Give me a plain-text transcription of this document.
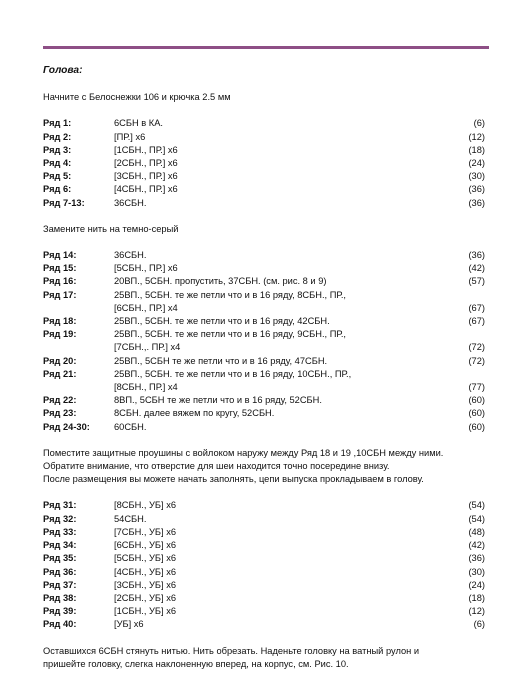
Голова:
Начните с Белоснежки 106 и крючка 2.5 мм
Ряд 1:	6СБН в КА.	(6)
Ряд 2:	[ПР.] x6	(12)
Ряд 3:	[1СБН., ПР.] x6	(18)
Ряд 4:	[2СБН., ПР.] x6	(24)
Ряд 5:	[3СБН., ПР.] x6	(30)
Ряд 6:	[4СБН., ПР.] x6	(36)
Ряд 7-13:	36СБН.	(36)
Замените нить на темно-серый
Ряд 14:	36СБН.	(36)
Ряд 15:	[5СБН., ПР.] x6	(42)
Ряд 16:	20ВП., 5СБН. пропустить, 37СБН. (см. рис. 8 и 9)	(57)
Ряд 17:	25ВП., 5СБН. те же петли что и в 16 ряду, 8СБН., ПР.,
[6СБН., ПР.] x4	(67)
Ряд 18:	25ВП., 5СБН. те же петли что и в 16 ряду, 42СБН.	(67)
Ряд 19:	25ВП., 5СБН. те же петли что и в 16 ряду, 9СБН., ПР.,
[7СБН.,. ПР.] x4	(72)
Ряд 20:	25ВП., 5СБН те же петли что и в 16 ряду, 47СБН.	(72)
Ряд 21:	25ВП., 5СБН. те же петли что и в 16 ряду, 10СБН., ПР.,
[8СБН., ПР.] x4	(77)
Ряд 22:	8ВП., 5СБН те же петли что и в 16 ряду, 52СБН.	(60)
Ряд 23:	8СБН. далее вяжем по кругу, 52СБН.	(60)
Ряд 24-30:	60СБН.	(60)
Поместите защитные проушины с войлоком наружу между Ряд 18 и 19 ,10СБН между ними.
Обратите внимание, что отверстие для шеи находится точно посередине внизу.
После размещения вы можете начать заполнять, цепи выпуска прокладываем в голову.
Ряд 31:	[8СБН., УБ] x6	(54)
Ряд 32:	54СБН.	(54)
Ряд 33:	[7СБН., УБ] x6	(48)
Ряд 34:	[6СБН., УБ] x6	(42)
Ряд 35:	[5СБН., УБ] x6	(36)
Ряд 36:	[4СБН., УБ] x6	(30)
Ряд 37:	[3СБН., УБ] x6	(24)
Ряд 38:	[2СБН., УБ] x6	(18)
Ряд 39:	[1СБН., УБ] x6	(12)
Ряд 40:	[УБ] x6	(6)
Оставшихся 6СБН стянуть нитью. Нить обрезать. Наденьте головку на ватный рулон и
пришейте головку, слегка наклоненную вперед, на корпус, см. Рис. 10.
